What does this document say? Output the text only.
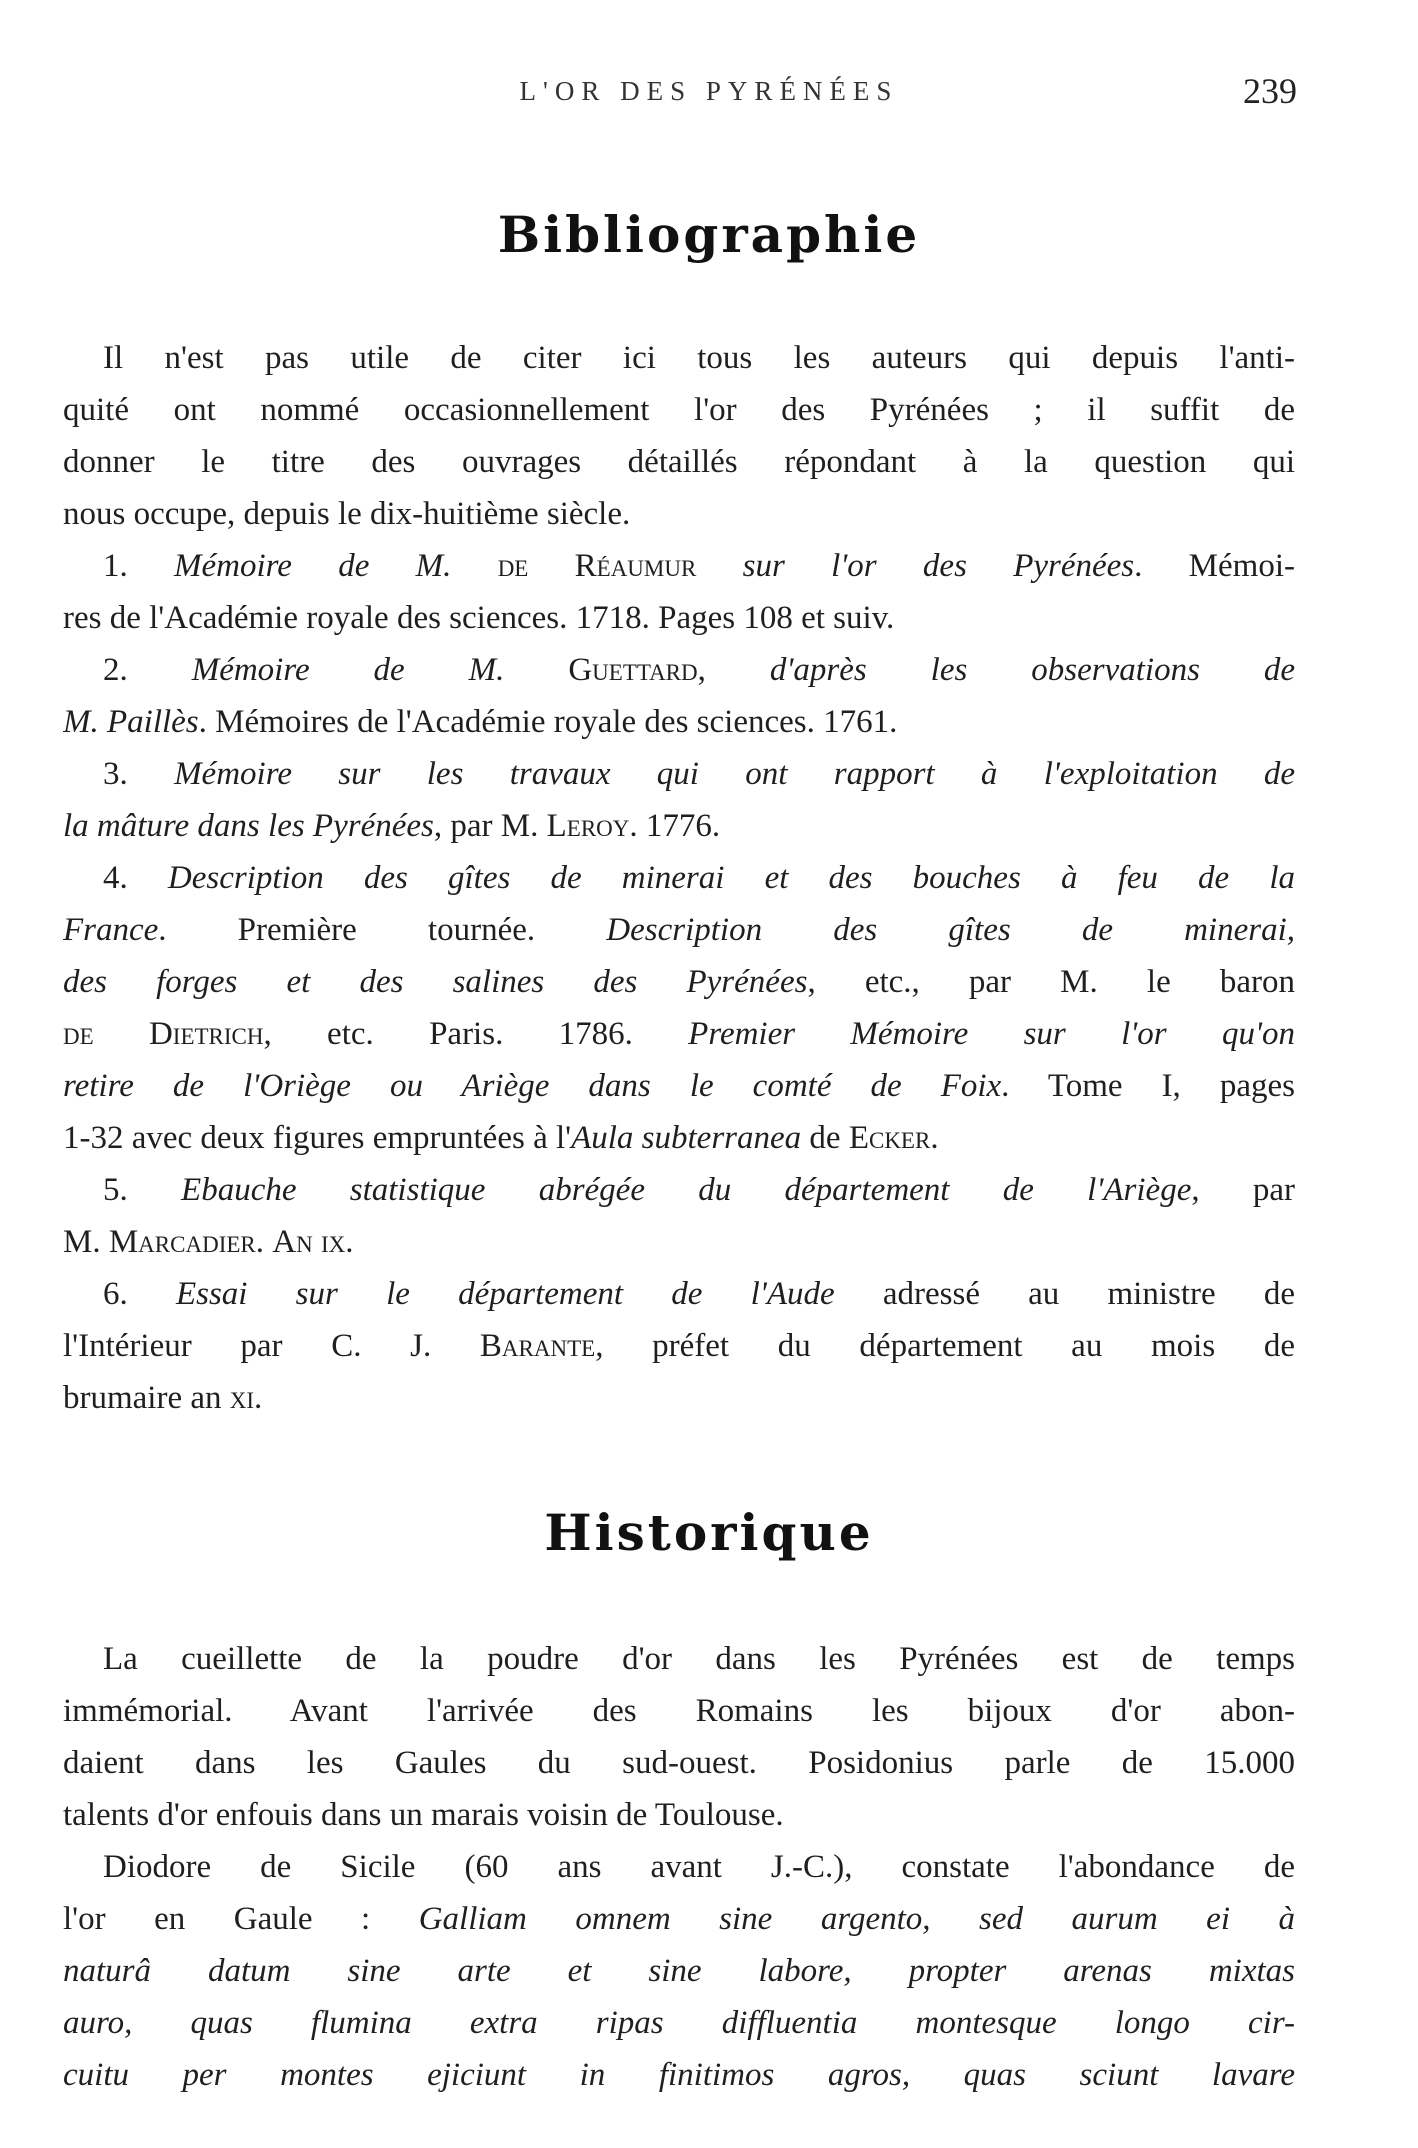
L'OR DES PYRÉNÉES	239
Bibliographie
Il n'est pas utile de citer ici tous les auteurs qui depuis l'anti-
quité ont nommé occasionnellement l'or des Pyrénées ; il suffit de
donner le titre des ouvrages détaillés répondant à la question qui
nous occupe, depuis le dix-huitième siècle.
1. Mémoire de M. de Réaumur sur l'or des Pyrénées. Mémoi-
res de l'Académie royale des sciences. 1718. Pages 108 et suiv.
2. Mémoire de M. Guettard, d'après les observations de
M. Paillès. Mémoires de l'Académie royale des sciences. 1761.
3. Mémoire sur les travaux qui ont rapport à l'exploitation de
la mâture dans les Pyrénées, par M. Leroy. 1776.
4. Description des gîtes de minerai et des bouches à feu de la
France. Première tournée. Description des gîtes de minerai,
des forges et des salines des Pyrénées, etc., par M. le baron
de Dietrich, etc. Paris. 1786. Premier Mémoire sur l'or qu'on
retire de l'Oriège ou Ariège dans le comté de Foix. Tome I, pages
1-32 avec deux figures empruntées à l'Aula subterranea de Ecker.
5. Ebauche statistique abrégée du département de l'Ariège, par
M. Marcadier. An ix.
6. Essai sur le département de l'Aude adressé au ministre de
l'Intérieur par C. J. Barante, préfet du département au mois de
brumaire an xi.
Historique
La cueillette de la poudre d'or dans les Pyrénées est de temps
immémorial. Avant l'arrivée des Romains les bijoux d'or abon-
daient dans les Gaules du sud-ouest. Posidonius parle de 15.000
talents d'or enfouis dans un marais voisin de Toulouse.
Diodore de Sicile (60 ans avant J.-C.), constate l'abondance de
l'or en Gaule : Galliam omnem sine argento, sed aurum ei à
naturâ datum sine arte et sine labore, propter arenas mixtas
auro, quas flumina extra ripas diffluentia montesque longo cir-
cuitu per montes ejiciunt in finitimos agros, quas sciunt lavare
